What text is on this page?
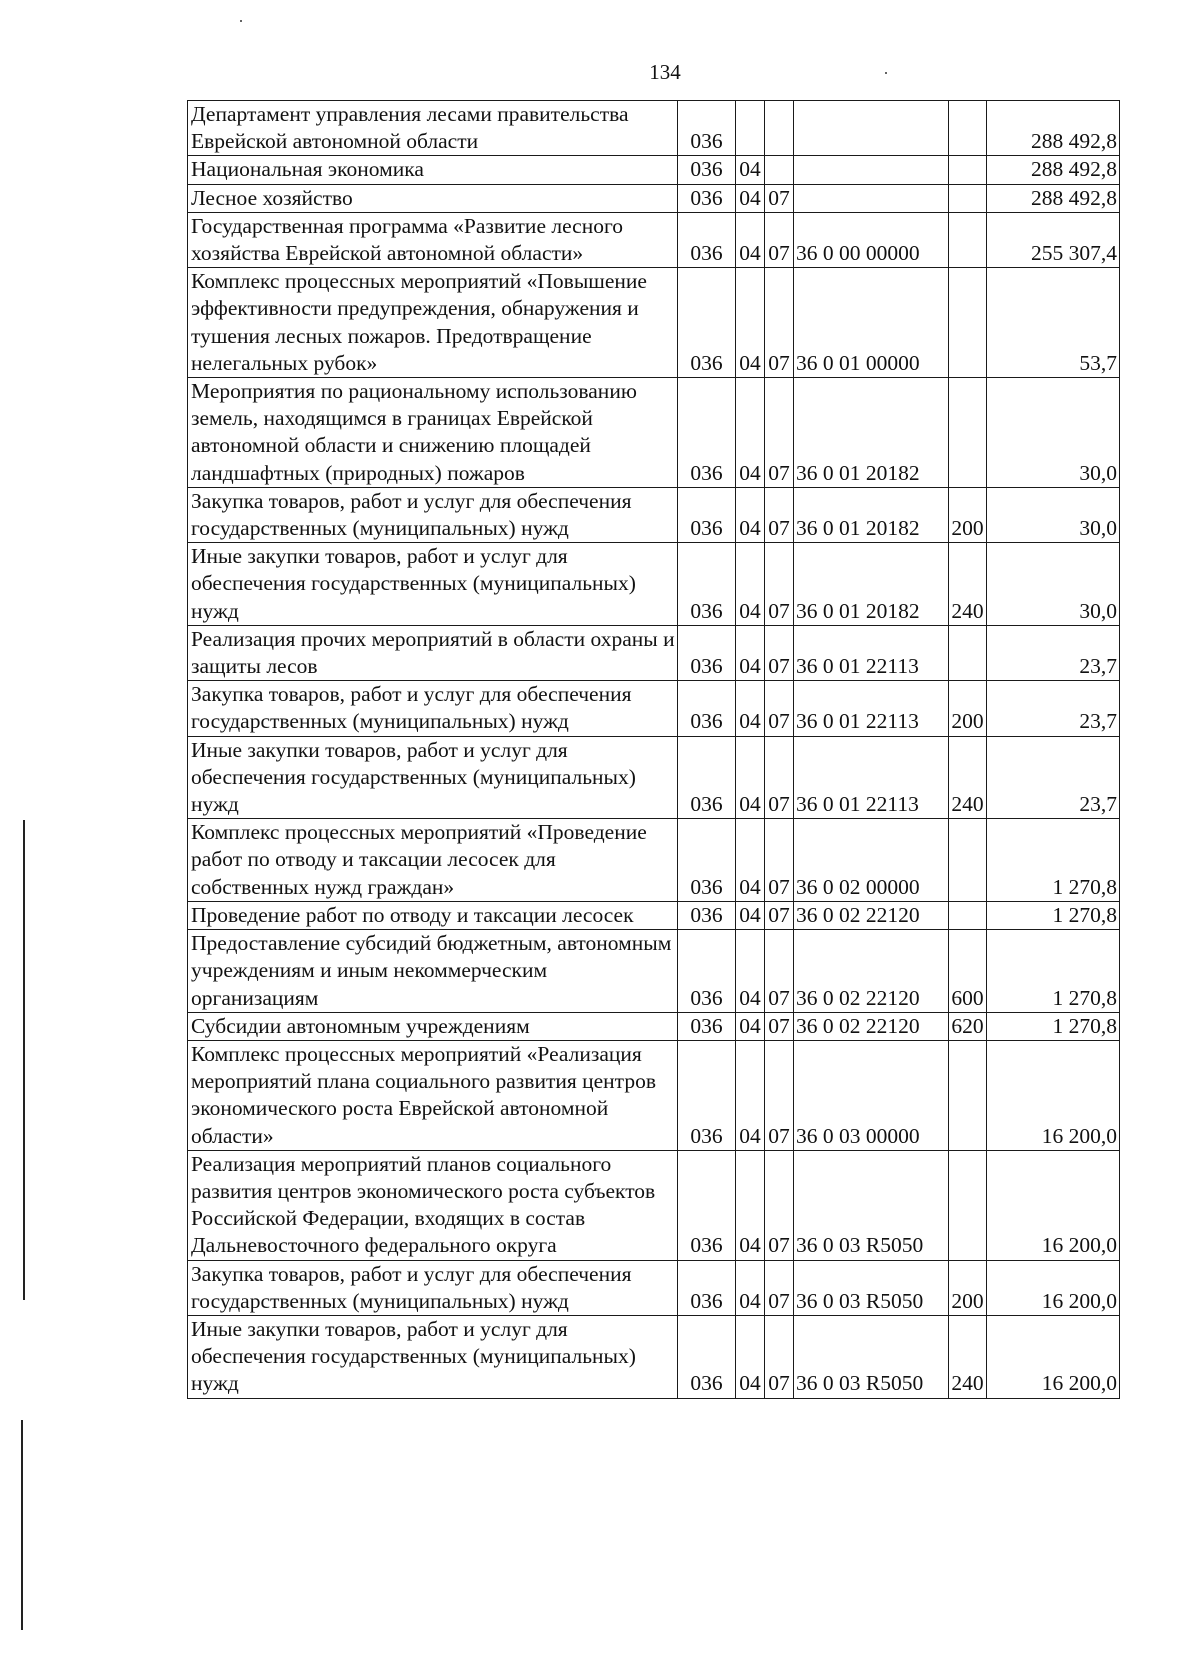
134
Департамент управления лесами правительства Еврейской автономной области	036					288 492,8
Национальная экономика	036	04				288 492,8
Лесное хозяйство	036	04	07			288 492,8
Государственная программа «Развитие лесного хозяйства Еврейской автономной области»	036	04	07	36 0 00 00000		255 307,4
Комплекс процессных мероприятий «Повышение эффективности предупреждения, обнаружения и тушения лесных пожаров. Предотвращение нелегальных рубок»	036	04	07	36 0 01 00000		53,7
Мероприятия по рациональному использованию земель, находящимся в границах Еврейской автономной области и снижению площадей ландшафтных (природных) пожаров	036	04	07	36 0 01 20182		30,0
Закупка товаров, работ и услуг для обеспечения государственных (муниципальных) нужд	036	04	07	36 0 01 20182	200	30,0
Иные закупки товаров, работ и услуг для обеспечения государственных (муниципальных) нужд	036	04	07	36 0 01 20182	240	30,0
Реализация прочих мероприятий в области охраны и защиты лесов	036	04	07	36 0 01 22113		23,7
Закупка товаров, работ и услуг для обеспечения государственных (муниципальных) нужд	036	04	07	36 0 01 22113	200	23,7
Иные закупки товаров, работ и услуг для обеспечения государственных (муниципальных) нужд	036	04	07	36 0 01 22113	240	23,7
Комплекс процессных мероприятий «Проведение работ по отводу и таксации лесосек для собственных нужд граждан»	036	04	07	36 0 02 00000		1 270,8
Проведение работ по отводу и таксации лесосек	036	04	07	36 0 02 22120		1 270,8
Предоставление субсидий бюджетным, автономным учреждениям и иным некоммерческим организациям	036	04	07	36 0 02 22120	600	1 270,8
Субсидии автономным учреждениям	036	04	07	36 0 02 22120	620	1 270,8
Комплекс процессных мероприятий «Реализация мероприятий плана социального развития центров экономического роста Еврейской автономной области»	036	04	07	36 0 03 00000		16 200,0
Реализация мероприятий планов социального развития центров экономического роста субъектов Российской Федерации, входящих в состав Дальневосточного федерального округа	036	04	07	36 0 03 R5050		16 200,0
Закупка товаров, работ и услуг для обеспечения государственных (муниципальных) нужд	036	04	07	36 0 03 R5050	200	16 200,0
Иные закупки товаров, работ и услуг для обеспечения государственных (муниципальных) нужд	036	04	07	36 0 03 R5050	240	16 200,0
